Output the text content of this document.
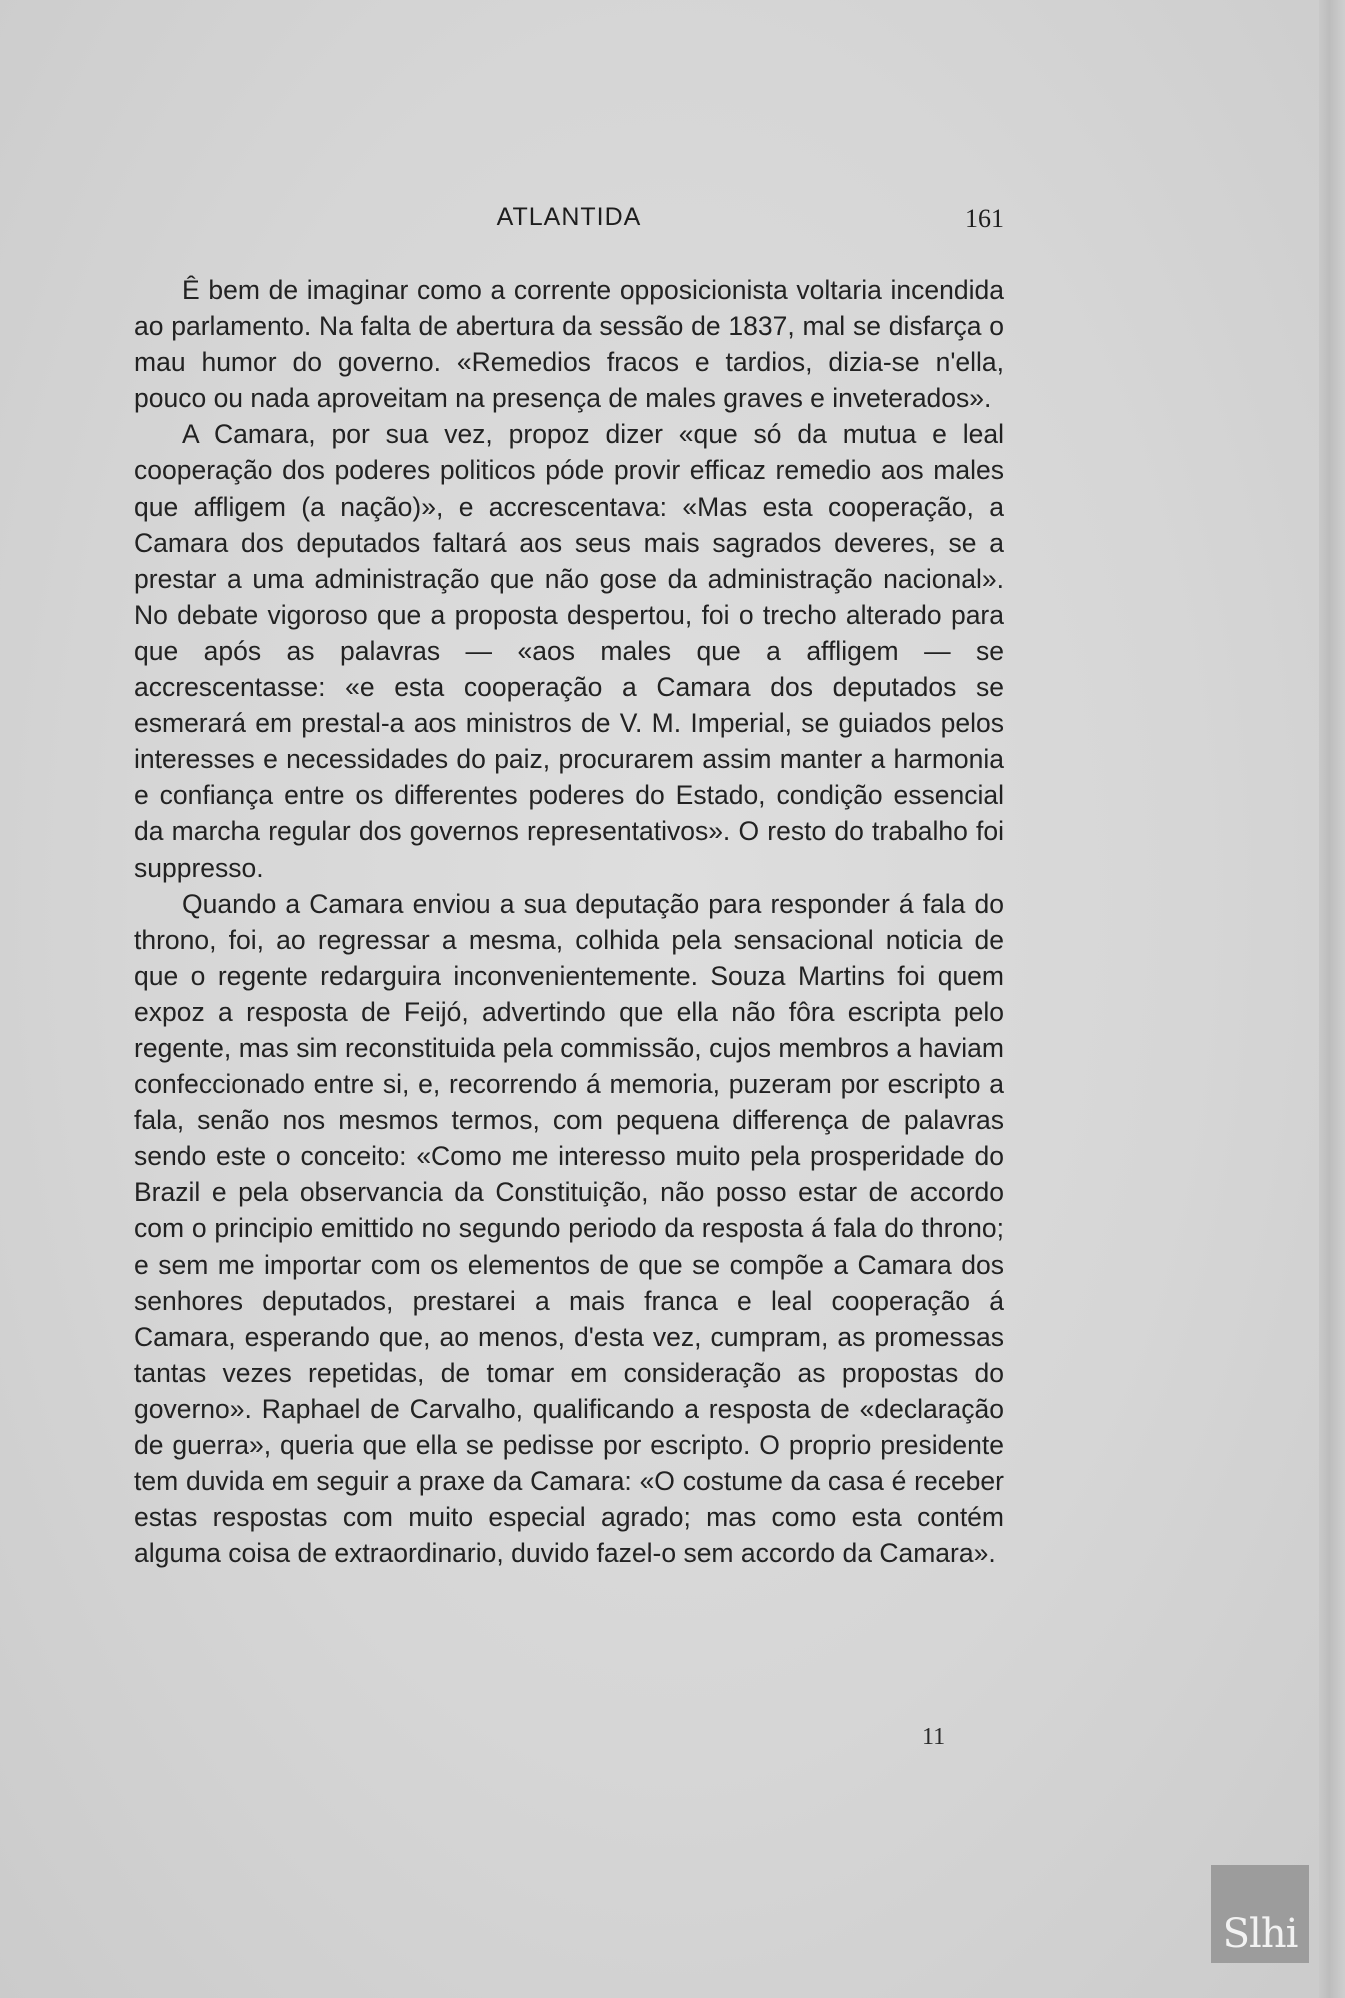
ATLANTIDA	161

Ê bem de imaginar como a corrente opposicionista voltaria incendida ao parlamento. Na falta de abertura da sessão de 1837, mal se disfarça o mau humor do governo. «Remedios fracos e tardios, dizia-se n'ella, pouco ou nada aproveitam na presença de males graves e inveterados».

A Camara, por sua vez, propoz dizer «que só da mutua e leal cooperação dos poderes politicos póde provir efficaz remedio aos males que affligem (a nação)», e accrescentava: «Mas esta cooperação, a Camara dos deputados faltará aos seus mais sagrados deveres, se a prestar a uma administração que não gose da administração nacional». No debate vigoroso que a proposta despertou, foi o trecho alterado para que após as palavras — «aos males que a affligem — se accrescentasse: «e esta cooperação a Camara dos deputados se esmerará em prestal-a aos ministros de V. M. Imperial, se guiados pelos interesses e necessidades do paiz, procurarem assim manter a harmonia e confiança entre os differentes poderes do Estado, condição essencial da marcha regular dos governos representativos». O resto do trabalho foi suppresso.

Quando a Camara enviou a sua deputação para responder á fala do throno, foi, ao regressar a mesma, colhida pela sensacional noticia de que o regente redarguira inconvenientemente. Souza Martins foi quem expoz a resposta de Feijó, advertindo que ella não fôra escripta pelo regente, mas sim reconstituida pela commissão, cujos membros a haviam confeccionado entre si, e, recorrendo á memoria, puzeram por escripto a fala, senão nos mesmos termos, com pequena differença de palavras sendo este o conceito: «Como me interesso muito pela prosperidade do Brazil e pela observancia da Constituição, não posso estar de accordo com o principio emittido no segundo periodo da resposta á fala do throno; e sem me importar com os elementos de que se compõe a Camara dos senhores deputados, prestarei a mais franca e leal cooperação á Camara, esperando que, ao menos, d'esta vez, cumpram, as promessas tantas vezes repetidas, de tomar em consideração as propostas do governo». Raphael de Carvalho, qualificando a resposta de «declaração de guerra», queria que ella se pedisse por escripto. O proprio presidente tem duvida em seguir a praxe da Camara: «O costume da casa é receber estas respostas com muito especial agrado; mas como esta contém alguma coisa de extraordinario, duvido fazel-o sem accordo da Camara».

11
Slhi
